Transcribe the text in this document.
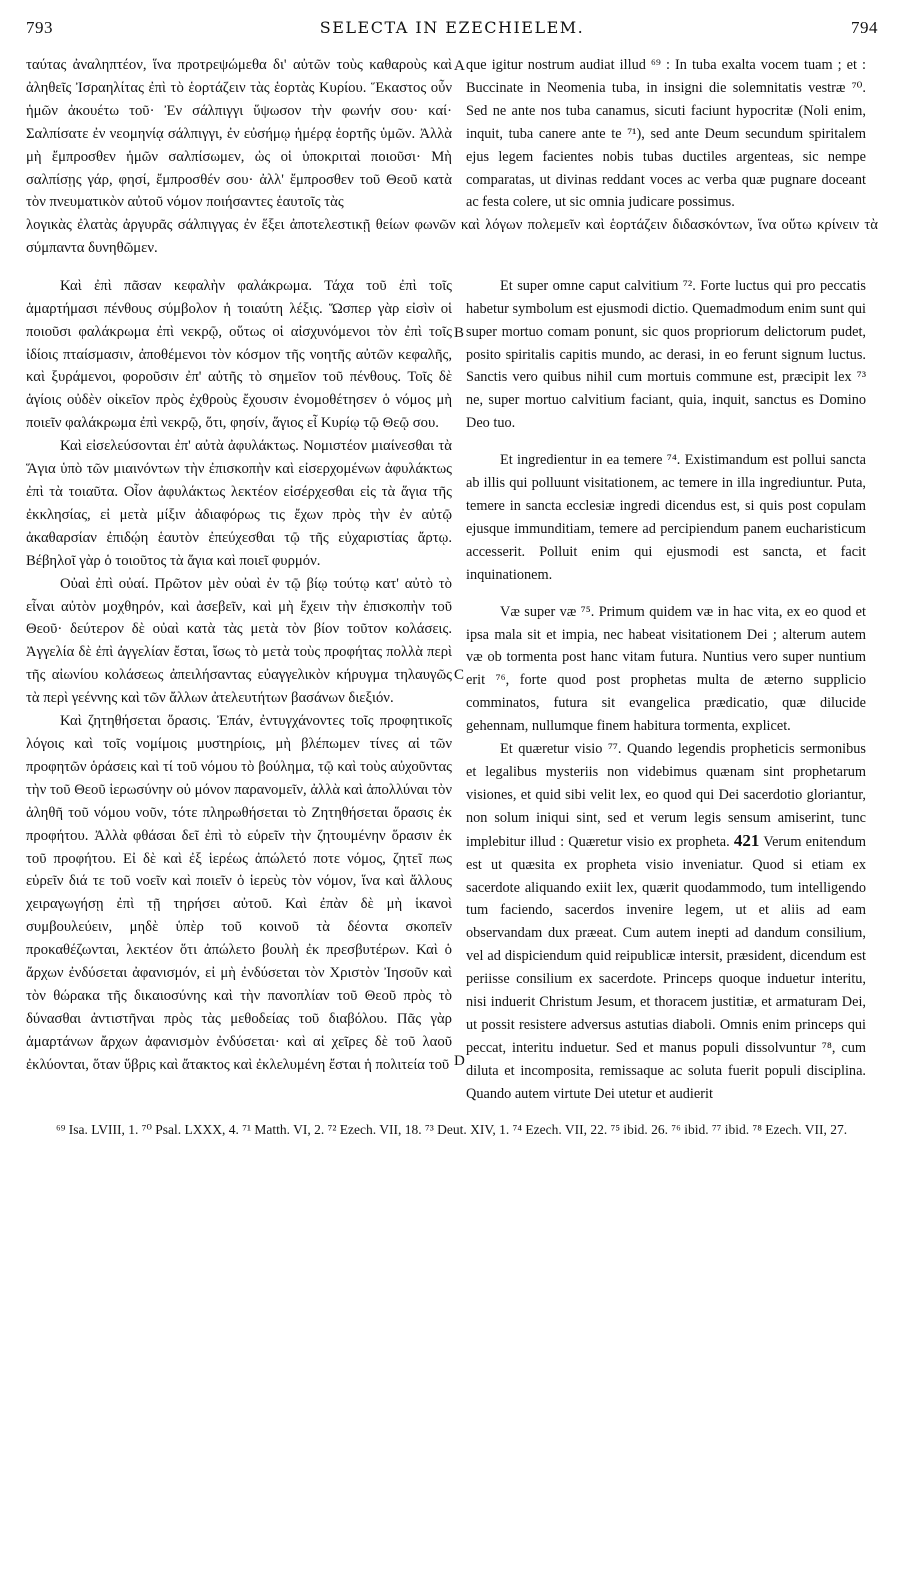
793	SELECTA IN EZECHIELEM.	794

ταύτας ἀναληπτέον, ἵνα προτρεψώμεθα δι' αὐτῶν τοὺς καθαροὺς καὶ ἀληθεῖς Ἰσραηλίτας ἐπὶ τὸ ἑορτάζειν τὰς ἑορτὰς Κυρίου. Ἕκαστος οὖν ἡμῶν ἀκουέτω τοῦ· Ἐν σάλπιγγι ὕψωσον τὴν φωνήν σου· καί· Σαλπίσατε ἐν νεομηνίᾳ σάλπιγγι, ἐν εὐσήμῳ ἡμέρᾳ ἑορτῆς ὑμῶν. Ἀλλὰ μὴ ἔμπροσθεν ἡμῶν σαλπίσωμεν, ὡς οἱ ὑποκριταὶ ποιοῦσι· Μὴ σαλπίσῃς γάρ, φησί, ἔμπροσθέν σου· ἀλλ' ἔμπροσθεν τοῦ Θεοῦ κατὰ τὸν πνευματικὸν αὐτοῦ νόμον ποιήσαντες ἑαυτοῖς τὰς

A que igitur nostrum audiat illud ⁶⁹ : In tuba exalta vocem tuam ; et : Buccinate in Neomenia tuba, in insigni die solemnitatis vestræ ⁷⁰. Sed ne ante nos tuba canamus, sicuti faciunt hypocritæ (Noli enim, inquit, tuba canere ante te ⁷¹), sed ante Deum secundum spiritalem ejus legem facientes nobis tubas ductiles argenteas, sic nempe comparatas, ut divinas reddant voces ac verba quæ pugnare doceant ac festa colere, ut sic omnia judicare possimus.

λογικὰς ἐλατὰς ἀργυρᾶς σάλπιγγας ἐν ἕξει ἀποτελεστικῇ θείων φωνῶν καὶ λόγων πολεμεῖν καὶ ἑορτάζειν διδασκόντων, ἵνα οὕτω κρίνειν τὰ σύμπαντα δυνηθῶμεν.

Καὶ ἐπὶ πᾶσαν κεφαλὴν φαλάκρωμα. Τάχα τοῦ ἐπὶ τοῖς ἁμαρτήμασι πένθους σύμβολον ἡ τοιαύτη λέξις. Ὥσπερ γὰρ εἰσὶν οἱ ποιοῦσι φαλάκρωμα ἐπὶ νεκρῷ, οὕτως οἱ αἰσχυνόμενοι τὸν ἐπὶ τοῖς ἰδίοις πταίσμασιν, ἀποθέμενοι τὸν κόσμον τῆς νοητῆς αὐτῶν κεφαλῆς, καὶ ξυράμενοι, φοροῦσιν ἐπ' αὐτῆς τὸ σημεῖον τοῦ πένθους. Τοῖς δὲ ἁγίοις οὐδὲν οἰκεῖον πρὸς ἐχθροὺς ἔχουσιν ἐνομοθέτησεν ὁ νόμος μὴ ποιεῖν φαλάκρωμα ἐπὶ νεκρῷ, ὅτι, φησίν, ἅγιος εἶ Κυρίῳ τῷ Θεῷ σου.

Καὶ εἰσελεύσονται ἐπ' αὐτὰ ἀφυλάκτως. Νομιστέον μιαίνεσθαι τὰ Ἅγια ὑπὸ τῶν μιαινόντων τὴν ἐπισκοπὴν καὶ εἰσερχομένων ἀφυλάκτως ἐπὶ τὰ τοιαῦτα. Οἷον ἀφυλάκτως λεκτέον εἰσέρχεσθαι εἰς τὰ ἅγια τῆς ἐκκλησίας, εἰ μετὰ μίξιν ἀδιαφόρως τις ἔχων πρὸς τὴν ἐν αὐτῷ ἀκαθαρσίαν ἐπιδῴη ἑαυτὸν ἐπεύχεσθαι τῷ τῆς εὐχαριστίας ἄρτῳ. Βέβηλοῖ γὰρ ὁ τοιοῦτος τὰ ἅγια καὶ ποιεῖ φυρμόν.

Οὐαὶ ἐπὶ οὐαί. Πρῶτον μὲν οὐαὶ ἐν τῷ βίῳ τούτῳ κατ' αὐτὸ τὸ εἶναι αὐτὸν μοχθηρόν, καὶ ἀσεβεῖν, καὶ μὴ ἔχειν τὴν ἐπισκοπὴν τοῦ Θεοῦ· δεύτερον δὲ οὐαὶ κατὰ τὰς μετὰ τὸν βίον τοῦτον κολάσεις. Ἀγγελία δὲ ἐπὶ ἀγγελίαν ἔσται, ἴσως τὸ μετὰ τοὺς προφήτας πολλὰ περὶ τῆς αἰωνίου κολάσεως ἀπειλήσαντας εὐαγγελικὸν κήρυγμα τηλαυγῶς τὰ περὶ γεέννης καὶ τῶν ἄλλων ἀτελευτήτων βασάνων διεξιόν.

Καὶ ζητηθήσεται ὅρασις. Ἐπάν, ἐντυγχάνοντες τοῖς προφητικοῖς λόγοις καὶ τοῖς νομίμοις μυστηρίοις, μὴ βλέπωμεν τίνες αἱ τῶν προφητῶν ὁράσεις καὶ τί τοῦ νόμου τὸ βούλημα, τῷ καὶ τοὺς αὐχοῦντας τὴν τοῦ Θεοῦ ἱερωσύνην οὐ μόνον παρανομεῖν, ἀλλὰ καὶ ἀπολλύναι τὸν ἀληθῆ τοῦ νόμου νοῦν, τότε πληρωθήσεται τὸ Ζητηθήσεται ὅρασις ἐκ προφήτου. Ἀλλὰ φθάσαι δεῖ ἐπὶ τὸ εὑρεῖν τὴν ζητουμένην ὅρασιν ἐκ τοῦ προφήτου. Εἰ δὲ καὶ ἐξ ἱερέως ἀπώλετό ποτε νόμος, ζητεῖ πως εὑρεῖν διά τε τοῦ νοεῖν καὶ ποιεῖν ὁ ἱερεὺς τὸν νόμον, ἵνα καὶ ἄλλους χειραγωγήσῃ ἐπὶ τῇ τηρήσει αὐτοῦ. Καὶ ἐπὰν δὲ μὴ ἱκανοὶ συμβουλεύειν, μηδὲ ὑπὲρ τοῦ κοινοῦ τὰ δέοντα σκοπεῖν προκαθέζωνται, λεκτέον ὅτι ἀπώλετο βουλὴ ἐκ πρεσβυτέρων. Καὶ ὁ ἄρχων ἐνδύσεται ἀφανισμόν, εἰ μὴ ἐνδύσεται τὸν Χριστὸν Ἰησοῦν καὶ τὸν θώρακα τῆς δικαιοσύνης καὶ τὴν πανοπλίαν τοῦ Θεοῦ πρὸς τὸ δύνασθαι ἀντιστῆναι πρὸς τὰς μεθοδείας τοῦ διαβόλου. Πᾶς γὰρ ἁμαρτάνων ἄρχων ἀφανισμὸν ἐνδύσεται· καὶ αἱ χεῖρες δὲ τοῦ λαοῦ ἐκλύονται, ὅταν ὕβρις καὶ ἄτακτος καὶ ἐκλελυμένη ἔσται ἡ πολιτεία τοῦ

B
C
D

Et super omne caput calvitium ⁷². Forte luctus qui pro peccatis habetur symbolum est ejusmodi dictio. Quemadmodum enim sunt qui super mortuo comam ponunt, sic quos propriorum delictorum pudet, posito spiritalis capitis mundo, ac derasi, in eo ferunt signum luctus. Sanctis vero quibus nihil cum mortuis commune est, præcipit lex ⁷³ ne, super mortuo calvitium faciant, quia, inquit, sanctus es Domino Deo tuo.

Et ingredientur in ea temere ⁷⁴. Existimandum est pollui sancta ab illis qui polluunt visitationem, ac temere in illa ingrediuntur. Puta, temere in sancta ecclesiæ ingredi dicendus est, si quis post copulam ejusque immunditiam, temere ad percipiendum panem eucharisticum accesserit. Polluit enim qui ejusmodi est sancta, et facit inquinationem.

Væ super væ ⁷⁵. Primum quidem væ in hac vita, ex eo quod et ipsa mala sit et impia, nec habeat visitationem Dei ; alterum autem væ ob tormenta post hanc vitam futura. Nuntius vero super nuntium erit ⁷⁶, forte quod post prophetas multa de æterno supplicio comminatos, futura sit evangelica prædicatio, quæ dilucide gehennam, nullumque finem habitura tormenta, explicet.

Et quæretur visio ⁷⁷. Quando legendis propheticis sermonibus et legalibus mysteriis non videbimus quænam sint prophetarum visiones, et quid sibi velit lex, eo quod qui Dei sacerdotio gloriantur, non solum iniqui sint, sed et verum legis sensum amiserint, tunc implebitur illud : Quæretur visio ex propheta. 421 Verum enitendum est ut quæsita ex propheta visio inveniatur. Quod si etiam ex sacerdote aliquando exiit lex, quærit quodammodo, tum intelligendo tum faciendo, sacerdos invenire legem, ut et aliis ad eam observandam dux præeat. Cum autem inepti ad dandum consilium, vel ad dispiciendum quid reipublicæ intersit, præsident, dicendum est periisse consilium ex sacerdote. Princeps quoque induetur interitu, nisi induerit Christum Jesum, et thoracem justitiæ, et armaturam Dei, ut possit resistere adversus astutias diaboli. Omnis enim princeps qui peccat, interitu induetur. Sed et manus populi dissolvuntur ⁷⁸, cum diluta et incomposita, remissaque ac soluta fuerit populi disciplina. Quando autem virtute Dei utetur et audierit

⁶⁹ Isa. LVIII, 1. ⁷⁰ Psal. LXXX, 4. ⁷¹ Matth. VI, 2. ⁷² Ezech. VII, 18. ⁷³ Deut. XIV, 1. ⁷⁴ Ezech. VII, 22. ⁷⁵ ibid. 26. ⁷⁶ ibid. ⁷⁷ ibid. ⁷⁸ Ezech. VII, 27.
